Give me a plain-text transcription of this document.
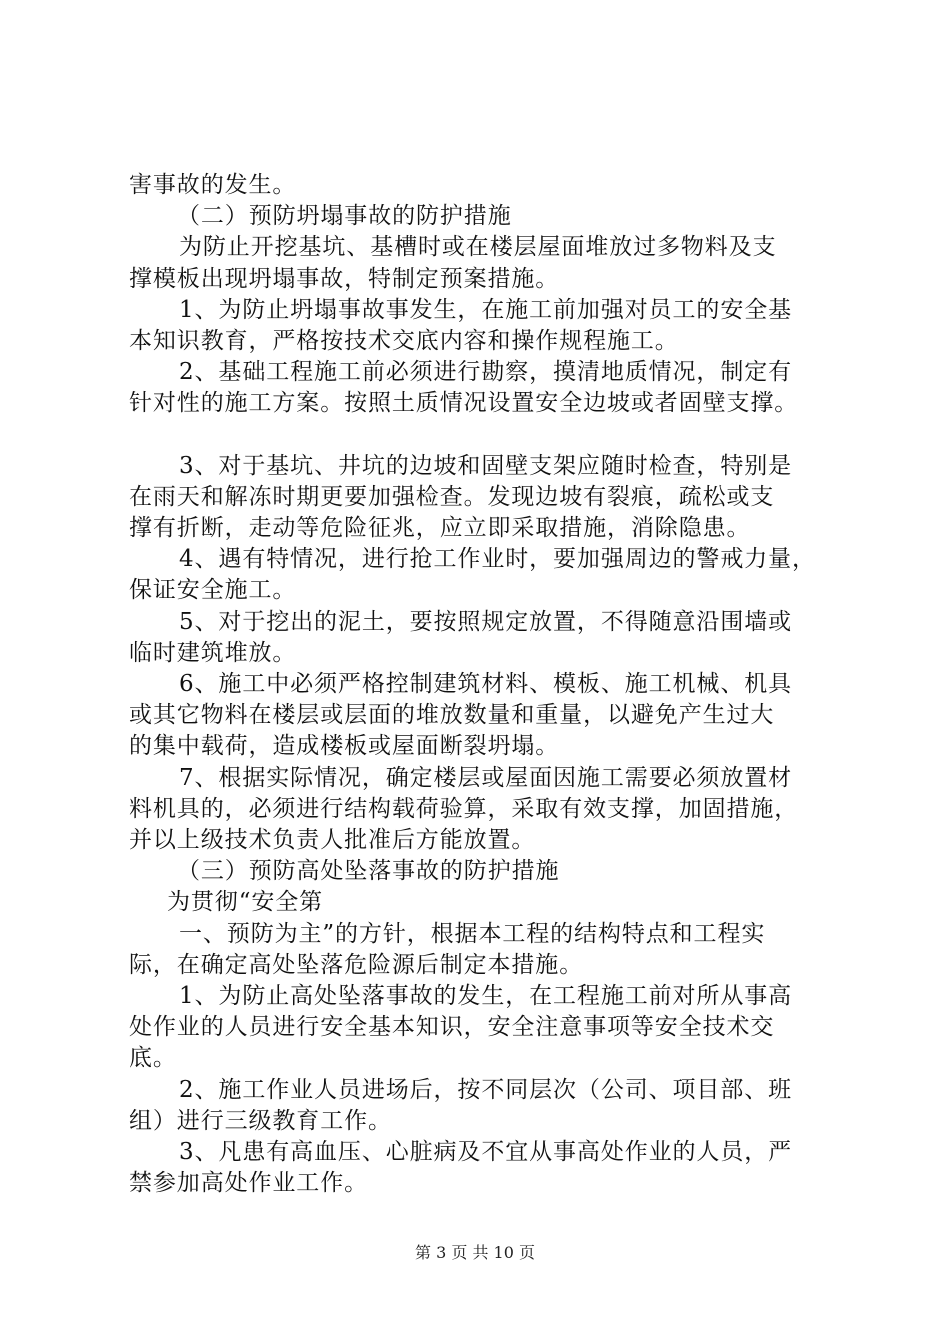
害事故的发生。
（二）预防坍塌事故的防护措施
为防止开挖基坑、基槽时或在楼层屋面堆放过多物料及支
撑模板出现坍塌事故，特制定预案措施。
1、为防止坍塌事故事发生，在施工前加强对员工的安全基
本知识教育，严格按技术交底内容和操作规程施工。
2、基础工程施工前必须进行勘察，摸清地质情况，制定有
针对性的施工方案。按照土质情况设置安全边坡或者固壁支撑。
3、对于基坑、井坑的边坡和固壁支架应随时检查，特别是
在雨天和解冻时期更要加强检查。发现边坡有裂痕，疏松或支
撑有折断，走动等危险征兆，应立即采取措施，消除隐患。
4、遇有特情况，进行抢工作业时，要加强周边的警戒力量，
保证安全施工。
5、对于挖出的泥土，要按照规定放置，不得随意沿围墙或
临时建筑堆放。
6、施工中必须严格控制建筑材料、模板、施工机械、机具
或其它物料在楼层或层面的堆放数量和重量，以避免产生过大
的集中载荷，造成楼板或屋面断裂坍塌。
7、根据实际情况，确定楼层或屋面因施工需要必须放置材
料机具的，必须进行结构载荷验算，采取有效支撑，加固措施，
并以上级技术负责人批准后方能放置。
（三）预防高处坠落事故的防护措施
为贯彻“安全第
一、预防为主”的方针，根据本工程的结构特点和工程实
际，在确定高处坠落危险源后制定本措施。
1、为防止高处坠落事故的发生，在工程施工前对所从事高
处作业的人员进行安全基本知识，安全注意事项等安全技术交
底。
2、施工作业人员进场后，按不同层次（公司、项目部、班
组）进行三级教育工作。
3、凡患有高血压、心脏病及不宜从事高处作业的人员，严
禁参加高处作业工作。
第 3 页 共 10 页
